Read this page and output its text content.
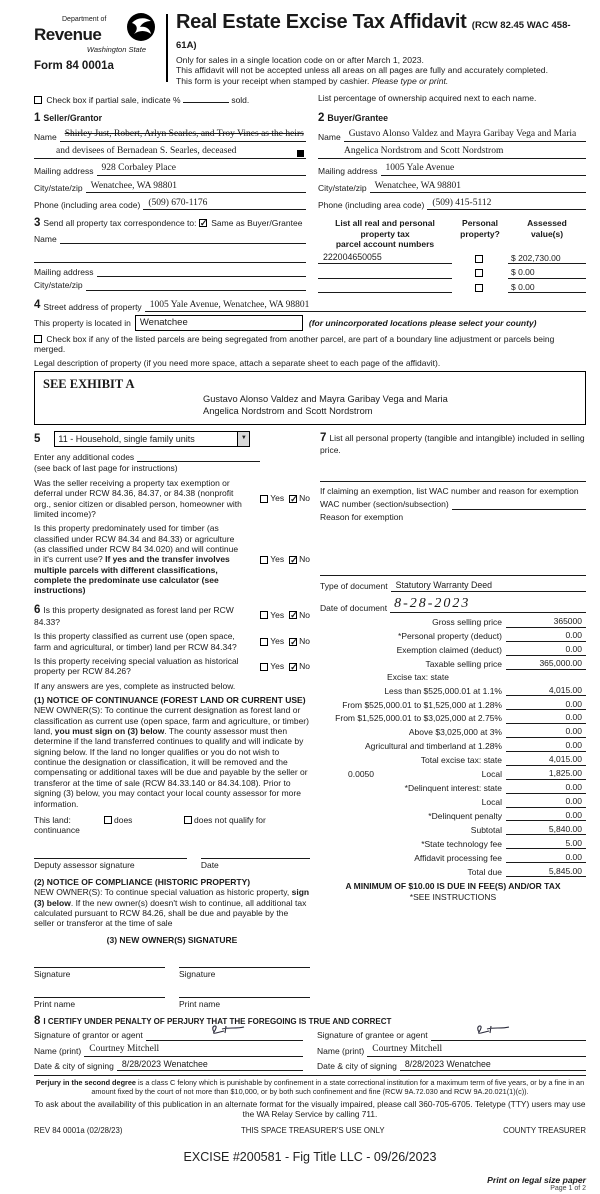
Department of
Revenue
Washington State
Form 84 0001a
Real Estate Excise Tax Affidavit (RCW 82.45 WAC 458-61A)
Only for sales in a single location code on or after March 1, 2023.
This affidavit will not be accepted unless all areas on all pages are fully and accurately completed.
This form is your receipt when stamped by cashier. Please type or print.
Check box if partial sale, indicate %	sold.	List percentage of ownership acquired next to each name.
1 Seller/Grantor
Name Shirley Just, Robert, Arlyn Searles, and Troy Vines as the heirs
and devisees of Bernadean S. Searles, deceased
Mailing address 928 Corbaley Place
City/state/zip Wenatchee, WA 98801
Phone (including area code) (509) 670-1176
2 Buyer/Grantee
Name Gustavo Alonso Valdez and Mayra Garibay Vega and Maria
Angelica Nordstrom and Scott Nordstrom
Mailing address 1005 Yale Avenue
City/state/zip Wenatchee, WA 98801
Phone (including area code) (509) 415-5112
3 Send all property tax correspondence to: ✓ Same as Buyer/Grantee
Name
Mailing address
City/state/zip
List all real and personal property tax
parcel account numbers
Personal
property?
Assessed
value(s)
222004650055	$ 202,730.00
$ 0.00
$ 0.00
4 Street address of property 1005 Yale Avenue, Wenatchee, WA 98801
This property is located in Wenatchee	(for unincorporated locations please select your county)
Check box if any of the listed parcels are being segregated from another parcel, are part of a boundary line adjustment or parcels being merged.
Legal description of property (if you need more space, attach a separate sheet to each page of the affidavit).
SEE EXHIBIT A
Gustavo Alonso Valdez and Mayra Garibay Vega and Maria
Angelica Nordstrom and Scott Nordstrom
5	11 - Household, single family units	▼
Enter any additional codes
(see back of last page for instructions)
Was the seller receiving a property tax exemption or deferral under RCW 84.36, 84.37, or 84.38 (nonprofit org., senior citizen or disabled person, homeowner with limited income)?
Yes ✓ No
Is this property predominately used for timber (as classified under RCW 84.34 and 84.33) or agriculture (as classified under RCW 84 34.020) and will continue in it's current use? If yes and the transfer involves multiple parcels with different classifications, complete the predominate use calculator (see instructions)
Yes ✓ No
6 Is this property designated as forest land per RCW 84.33?
Yes ✓ No
Is this property classified as current use (open space, farm and agricultural, or timber) land per RCW 84.34?
Yes ✓ No
Is this property receiving special valuation as historical property per RCW 84.26?
Yes ✓ No
If any answers are yes, complete as instructed below.
(1) NOTICE OF CONTINUANCE (FOREST LAND OR CURRENT USE)
NEW OWNER(S): To continue the current designation as forest land or classification as current use (open space, farm and agriculture, or timber) land, you must sign on (3) below. The county assessor must then determine if the land transferred continues to qualify and will indicate by signing below. If the land no longer qualifies or you do not wish to continue the designation or classification, it will be removed and the compensating or additional taxes will be due and payable by the seller or transferor at the time of sale (RCW 84.33.140 or 84.34.108). Prior to signing (3) below, you may contact your local county assessor for more information.
This land:
continuance
does	does not qualify for
Deputy assessor signature	Date
(2) NOTICE OF COMPLIANCE (HISTORIC PROPERTY)
NEW OWNER(S): To continue special valuation as historic property, sign (3) below. If the new owner(s) doesn't wish to continue, all additional tax calculated pursuant to RCW 84.26, shall be due and payable by the seller or transferor at the time of sale
(3) NEW OWNER(S) SIGNATURE
Signature	Signature
Print name	Print name
7 List all personal property (tangible and intangible) included in selling price.
If claiming an exemption, list WAC number and reason for exemption
WAC number (section/subsection)
Reason for exemption
Type of document Statutory Warranty Deed
Date of document 8-28-2023
Gross selling price	365000
*Personal property (deduct)	0.00
Exemption claimed (deduct)	0.00
Taxable selling price	365,000.00
Excise tax: state
Less than $525,000.01 at 1.1%	4,015.00
From $525,000.01 to $1,525,000 at 1.28%	0.00
From $1,525,000.01 to $3,025,000 at 2.75%	0.00
Above $3,025,000 at 3%	0.00
Agricultural and timberland at 1.28%	0.00
Total excise tax: state	4,015.00
0.0050	Local	1,825.00
*Delinquent interest: state	0.00
Local	0.00
*Delinquent penalty	0.00
Subtotal	5,840.00
*State technology fee	5.00
Affidavit processing fee	0.00
Total due	5,845.00
A MINIMUM OF $10.00 IS DUE IN FEE(S) AND/OR TAX
*SEE INSTRUCTIONS
8 I CERTIFY UNDER PENALTY OF PERJURY THAT THE FOREGOING IS TRUE AND CORRECT
Signature of grantor or agent
Name (print) Courtney Mitchell
Date & city of signing 8/28/2023 Wenatchee
Signature of grantee or agent
Name (print) Courtney Mitchell
Date & city of signing 8/28/2023 Wenatchee
Perjury in the second degree is a class C felony which is punishable by confinement in a state correctional institution for a maximum term of five years, or by a fine in an amount fixed by the court of not more than $10,000, or by both such confinement and fine (RCW 9A.72.030 and RCW 9A.20.021(1)(c)).
To ask about the availability of this publication in an alternate format for the visually impaired, please call 360-705-6705. Teletype (TTY) users may use the WA Relay Service by calling 711.
REV 84 0001a (02/28/23)	THIS SPACE TREASURER'S USE ONLY	COUNTY TREASURER
EXCISE #200581 - Fig Title LLC - 09/26/2023
Print on legal size paper
Page 1 of 2
